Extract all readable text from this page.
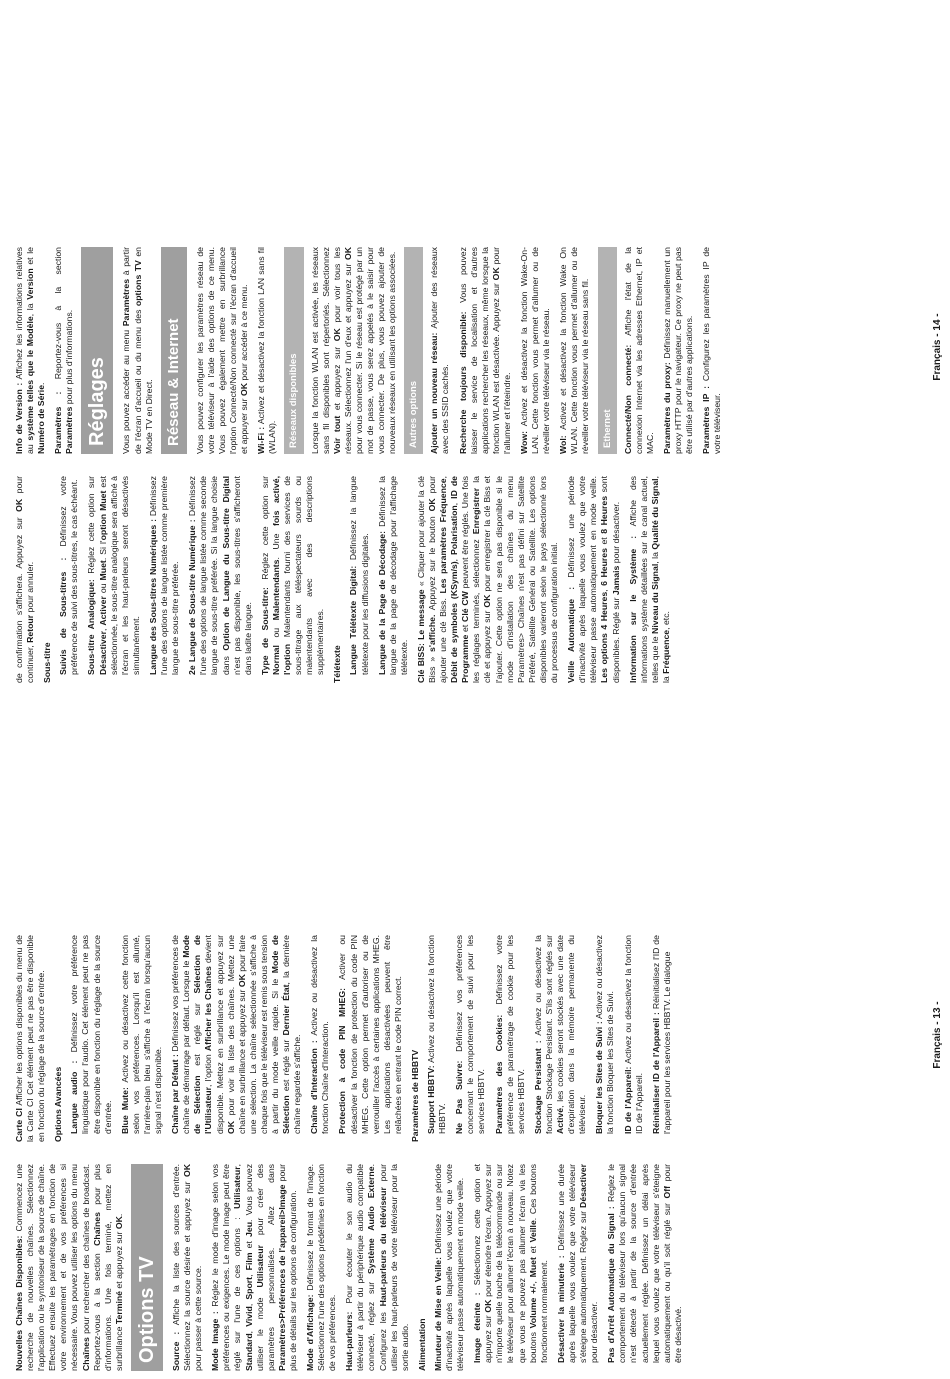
Nouvelles Chaînes Disponibles: Commencez une recherche de nouvelles chaînes. Sélectionnez l'application ou le syntoniseur de la source de chaîne. Effectuez ensuite les paramétrages en fonction de votre environnement et de vos préférences si nécessaire. Vous pouvez utiliser les options du menu Chaînes pour rechercher des chaînes de broadcast. Reportez-vous à la section Chaînes pour plus d'informations. Une fois terminé, mettez en surbrillance Terminé et appuyez sur OK.
Options TV	Source : Affiche la liste des sources d'entrée. Sélectionnez la source désirée et appuyez sur OK pour passer à cette source. Mode Image : Réglez le mode d'image selon vos préférences ou exigences. Le mode Image peut être réglé sur l'une de ces options : Utilisateur, Standard, Vivid, Sport, Film et Jeu. Vous pouvez utiliser le mode Utilisateur pour créer des paramètres personnalisés. Allez dans Paramètres>Préférences de l'appareil>Image pour plus de détails sur les options de configuration. Mode d'Affichage: Définissez le format de l'image. Sélectionnez l'une des options prédéfinies en fonction de vos préférences. Haut-parleurs: Pour écouter le son audio du téléviseur à partir du périphérique audio compatible connecté, réglez sur Système Audio Externe. Configurez les Haut-parleurs du téléviseur pour utiliser les haut-parleurs de votre téléviseur pour la sortie audio. Alimentation Minuteur de Mise en Veille: Définissez une période d'inactivité après laquelle vous voulez que votre téléviseur passe automatiquement en mode veille. Image éteinte : Sélectionnez cette option et appuyez sur OK pour éteindre l'écran. Appuyez sur n'importe quelle touche de la télécommande ou sur le téléviseur pour allumer l'écran à nouveau. Notez que vous ne pouvez pas allumer l'écran via les boutons Volume +/-, Muet et Veille. Ces boutons fonctionnent normalement. Désactiver la minuterie : Définissez une durée après laquelle vous voulez que votre téléviseur s'éteigne automatiquement. Réglez sur Désactiver pour désactiver. Pas d'Arrêt Automatique du Signal : Réglez le comportement du téléviseur lors qu'aucun signal n'est détecté à partir de la source d'entrée actuellement réglée. Définissez un délai après lequel vous voulez que votre téléviseur s'éteigne automatiquement ou qu'il soit réglé sur Off pour être désactivé.
Carte CI Afficher les options disponibles du menu de la Carte CI Cet élément peut ne pas être disponible en fonction du réglage de la source d'entrée. Options Avancées Langue audio : Définissez votre préférence linguistique pour l'audio. Cet élément peut ne pas être disponible en fonction du réglage de la source d'entrée. Blue Mute: Activez ou désactivez cette fonction selon vos préférences. Lorsqu'il est allumé, l'arrière-plan bleu s'affiche à l'écran lorsqu'aucun signal n'est disponible. Chaîne par Défaut : Définissez vos préférences de chaîne de démarrage par défaut. Lorsque le Mode de Sélection est réglé sur Sélection de l'Utilisateur, l'option Afficher les Chaînes devient disponible. Mettez en surbrillance et appuyez sur OK pour voir la liste des chaînes. Mettez une chaîne en surbrillance et appuyez sur OK pour faire une sélection. La chaîne sélectionnée s'affiche à chaque fois que le téléviseur est remis sous tension à partir du mode veille rapide. Si le Mode de Sélection est réglé sur Dernier État, la dernière chaîne regardée s'affiche. Chaîne d'Interaction : Activez ou désactivez la fonction Chaîne d'Interaction. Protection à code PIN MHEG: Activer ou désactiver la fonction de protection du code PIN MHEG. Cette option permet d'autoriser ou de verrouiller l'accès à certaines applications MHEG. Les applications désactivées peuvent être relâchées en entrant le code PIN correct. Paramètres de HBBTV Support HBBTV: Activez ou désactivez la fonction HBBTV. Ne Pas Suivre: Définissez vos préférences concernant le comportement de suivi pour les services HBBTV. Paramètres des Cookies: Définissez votre préférence de paramétrage de cookie pour les services HBBTV. Stockage Persistant : Activez ou désactivez la fonction Stockage Persistant. S'ils sont réglés sur Activé, les cookies seront stockés avec une date d'expiration dans la mémoire permanente du téléviseur. Bloquer les Sites de Suivi : Activez ou désactivez la fonction Bloquer les Sites de Suivi. ID de l'Appareil: Activez ou désactivez la fonction ID de l'Appareil. Réinitialiser ID de l'Appareil : Réinitialisez l'ID de l'appareil pour les services HBBTV. Le dialogue	Français - 13 -
de confirmation s'affichera. Appuyez sur OK pour continuer, Retour pour annuler.
Sous-titre Suivis de Sous-titres : Définissez votre préférence de suivi des sous-titres, le cas échéant. Sous-titre Analogique: Réglez cette option sur Désactiver, Activer ou Muet. Si l'option Muet est sélectionnée, le sous-titre analogique sera affiché à l'écran et les haut-parleurs seront désactivés simultanément. Langue des Sous-titres Numériques : Définissez l'une des options de langue listée comme première langue de sous-titre préférée. 2e Langue de Sous-titre Numérique : Définissez l'une des options de langue listée comme seconde langue de sous-titre préférée. Si la langue choisie dans Option de Langue du Sous-titre Digital n'est pas disponible, les sous-titres s'afficheront dans ladite langue. Type de Sous-titre: Réglez cette option sur Normal ou Malentendants. Une fois activé, l'option Malentendants fourni des services de sous-titrage aux téléspectateurs sourds ou malentendants avec des descriptions supplémentaires. Télétexte Langue Télétexte Digital: Définissez la langue télétexte pour les diffusions digitales. Langue de la Page de Décodage: Définissez la langue de la page de décodage pour l'affichage télétexte. Clé BISS: Le message « Cliquer pour ajouter la clé Biss » s'affiche. Appuyez sur le bouton OK pour ajouter une clé Biss. Les paramètres Fréquence, Débit de symboles (KSym/s), Polarisation, ID de Programme et Clé CW peuvent être réglés. Une fois les réglages terminés, sélectionnez Enregistrer la clé et appuyez sur OK pour enregistrer la clé Biss et l'ajouter. Cette option ne sera pas disponible si le mode d'installation des chaînes du menu Paramètres> Chaînes n'est pas défini sur Satellite Préféré, Satellite Général ou Satellite. Les options disponibles varieront selon le pays sélectionné lors du processus de configuration initial. Veille Automatique : Définissez une période d'inactivité après laquelle vous voulez que votre téléviseur passe automatiquement en mode veille. Les options 4 Heures, 6 Heures et 8 Heures sont disponibles. Réglé sur Jamais pour désactiver.
Information sur le Système : Affiche des informations système détaillées sur le canal actuel, telles que le Niveau du Signal, la Qualité du Signal, la Fréquence, etc.
Info de Version : Affichez les informations relatives au système telles que le Modèle, la Version et le Numéro de Série.
Paramètres : Reportez-vous à la section Paramètres pour plus d'informations. Réglages	Vous pouvez accéder au menu Paramètres à partir de l'écran d'accueil ou du menu des options TV en Mode TV en Direct. Réseau & Internet	Vous pouvez configurer les paramètres réseau de votre téléviseur à l'aide des options de ce menu. Vous pouvez également mettre en surbrillance l'option Connecté/Non connecté sur l'écran d'accueil et appuyer sur OK pour accéder à ce menu.
Wi-Fi : Activez et désactivez la fonction LAN sans fil (WLAN).	Réseaux disponibles	Lorsque la fonction WLAN est activée, les réseaux sans fil disponibles sont répertoriés. Sélectionnez Voir tout et appuyez sur OK pour voir tous les réseaux. Sélectionnez l'un d'eux et appuyez sur OK pour vous connecter. Si le réseau est protégé par un mot de passe, vous serez appelés à le saisir pour vous connecter. De plus, vous pouvez ajouter de nouveaux réseaux en utilisant les options associées.	Autres options	Ajouter un nouveau réseau: Ajouter des réseaux avec des SSID cachés. Recherche toujours disponible: Vous pouvez laisser le service de localisation et d'autres applications rechercher les réseaux, même lorsque la fonction WLAN est désactivée. Appuyez sur OK pour l'allumer et l'éteindre. Wow: Activez et désactivez la fonction Wake-On-LAN. Cette fonction vous permet d'allumer ou de réveiller votre téléviseur via le réseau. Wol: Activez et désactivez la fonction Wake On WLAN. Cette fonction vous permet d'allumer ou de réveiller votre téléviseur via le réseau sans fil.	Ethernet	Connecté/Non connecté: Affiche l'état de la connexion Internet via les adresses Ethernet, IP et MAC. Paramètres du proxy: Définissez manuellement un proxy HTTP pour le navigateur. Ce proxy ne peut pas être utilisé par d'autres applications. Paramètres IP : Configurez les paramètres IP de votre téléviseur.
Français - 14 -
